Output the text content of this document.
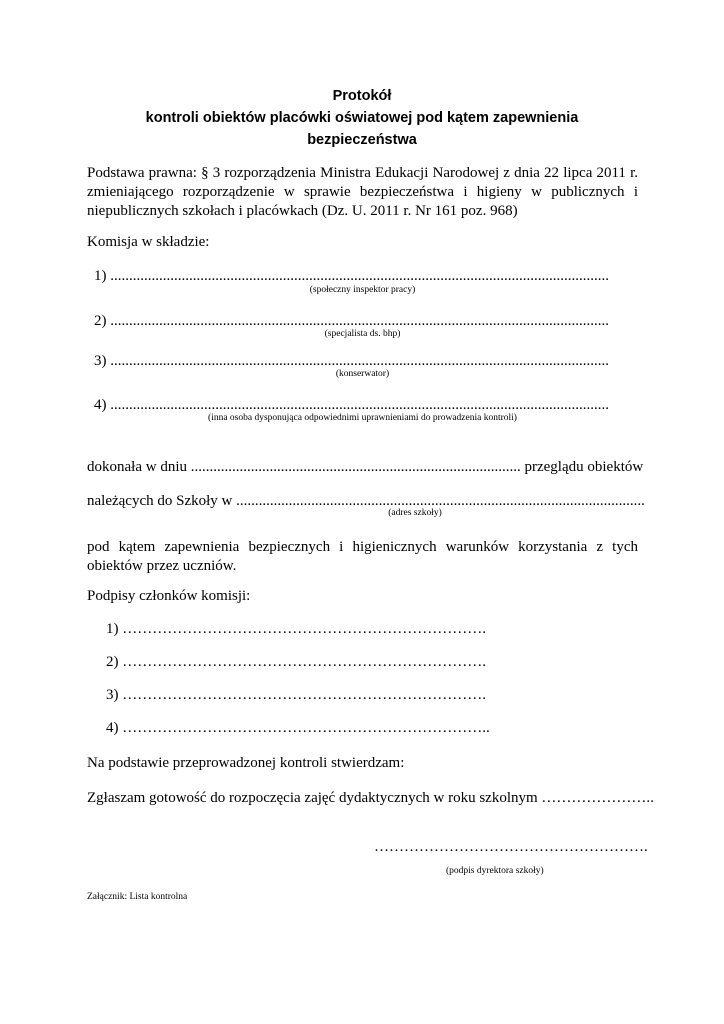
Protokół
kontroli obiektów placówki oświatowej pod kątem zapewnienia
bezpieczeństwa
Podstawa prawna: § 3 rozporządzenia Ministra Edukacji Narodowej z dnia 22 lipca 2011 r. zmieniającego rozporządzenie w sprawie bezpieczeństwa i higieny w publicznych i niepublicznych szkołach i placówkach (Dz. U. 2011 r. Nr 161 poz. 968)
Komisja w składzie:
1) .....................................................................................................................................
(społeczny inspektor pracy)
2) .....................................................................................................................................
(specjalista ds. bhp)
3) .....................................................................................................................................
(konserwator)
4) .....................................................................................................................................
(inna osoba dysponująca odpowiednimi uprawnieniami do prowadzenia kontroli)
dokonała w dniu ........................................................................................ przeglądu obiektów
należących do Szkoły w .............................................................................................................
(adres szkoły)
pod kątem zapewnienia bezpiecznych i higienicznych warunków korzystania z tych obiektów przez uczniów.
Podpisy członków komisji:
1) ……………………………………………………………….
2) ……………………………………………………………….
3) ……………………………………………………………….
4) ………………………………………………………………..
Na podstawie przeprowadzonej kontroli stwierdzam:
Zgłaszam gotowość do rozpoczęcia zajęć dydaktycznych w roku szkolnym …………………..
……………………………………………….
(podpis dyrektora szkoły)
Załącznik: Lista kontrolna
